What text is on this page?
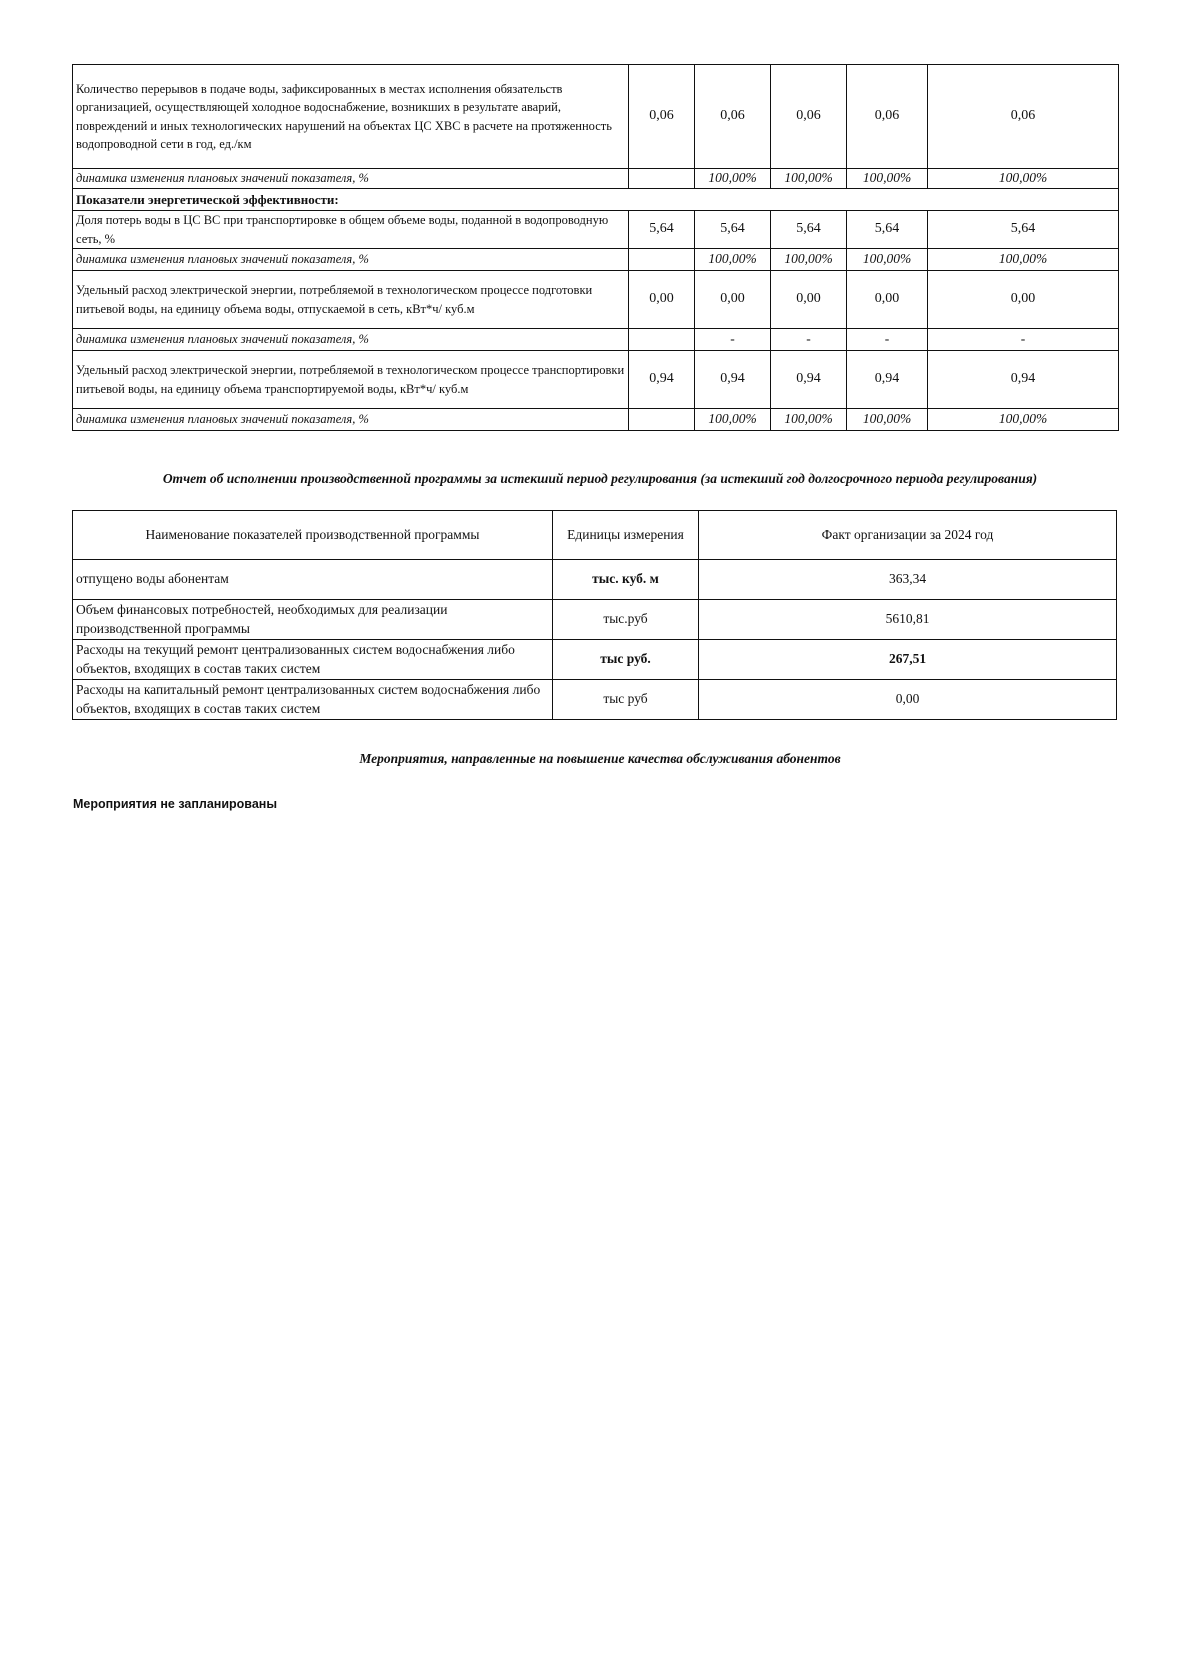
Количество перерывов в подаче воды, зафиксированных в местах исполнения обязательств организацией, осуществляющей холодное водоснабжение, возникших в результате аварий, повреждений и иных технологических нарушений на объектах ЦС ХВС в расчете на протяженность водопроводной сети в год, ед./км	0,06	0,06	0,06	0,06	0,06
динамика изменения плановых значений показателя, %		100,00%	100,00%	100,00%	100,00%
Показатели энергетической эффективности:					
Доля потерь воды в ЦС ВС при транспортировке в общем объеме воды, поданной в водопроводную сеть, %	5,64	5,64	5,64	5,64	5,64
динамика изменения плановых значений показателя, %		100,00%	100,00%	100,00%	100,00%
Удельный расход электрической энергии, потребляемой в технологическом процессе подготовки питьевой воды, на единицу объема воды, отпускаемой в сеть, кВт*ч/ куб.м	0,00	0,00	0,00	0,00	0,00
динамика изменения плановых значений показателя, %		-	-	-	-
Удельный расход электрической энергии, потребляемой в технологическом процессе транспортировки питьевой воды, на единицу объема транспортируемой воды, кВт*ч/ куб.м	0,94	0,94	0,94	0,94	0,94
динамика изменения плановых значений показателя, %		100,00%	100,00%	100,00%	100,00%
Отчет об исполнении производственной программы за истекший период регулирования (за истекший год долгосрочного периода регулирования)
Наименование показателей производственной программы	Единицы измерения	Факт организации за 2024 год
отпущено воды абонентам	тыс. куб. м	363,34
Объем финансовых потребностей, необходимых для реализации производственной программы	тыс.руб	5610,81
Расходы на текущий ремонт централизованных систем водоснабжения либо объектов, входящих в состав таких систем	тыс руб.	267,51
Расходы на капитальный ремонт централизованных систем водоснабжения либо объектов, входящих в состав таких систем	тыс руб	0,00
Мероприятия, направленные на повышение качества обслуживания абонентов
Мероприятия не запланированы
